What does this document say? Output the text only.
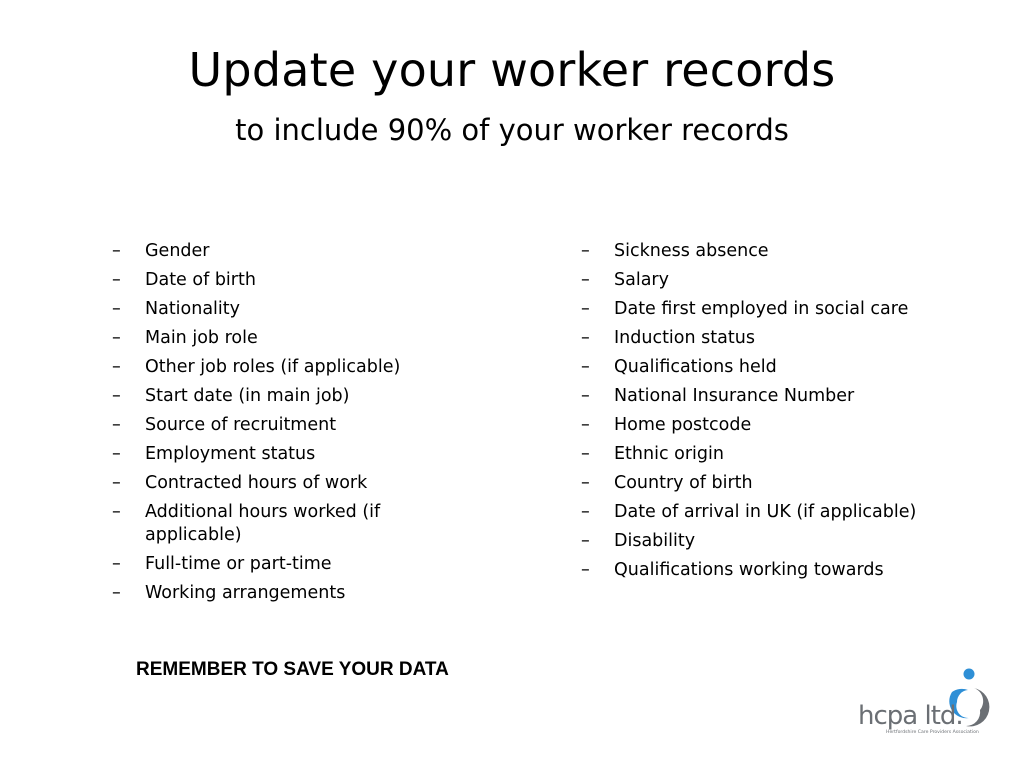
Update your worker records
to include 90% of your worker records
– Gender
– Date of birth
– Nationality
– Main job role
– Other job roles (if applicable)
– Start date (in main job)
– Source of recruitment
– Employment status
– Contracted hours of work
– Additional hours worked (if applicable)
– Full-time or part-time
– Working arrangements
– Sickness absence
– Salary
– Date first employed in social care
– Induction status
– Qualifications held
– National Insurance Number
– Home postcode
– Ethnic origin
– Country of birth
– Date of arrival in UK (if applicable)
– Disability
– Qualifications working towards
REMEMBER TO SAVE YOUR DATA
hcpa ltd.
Hertfordshire Care Providers Association
